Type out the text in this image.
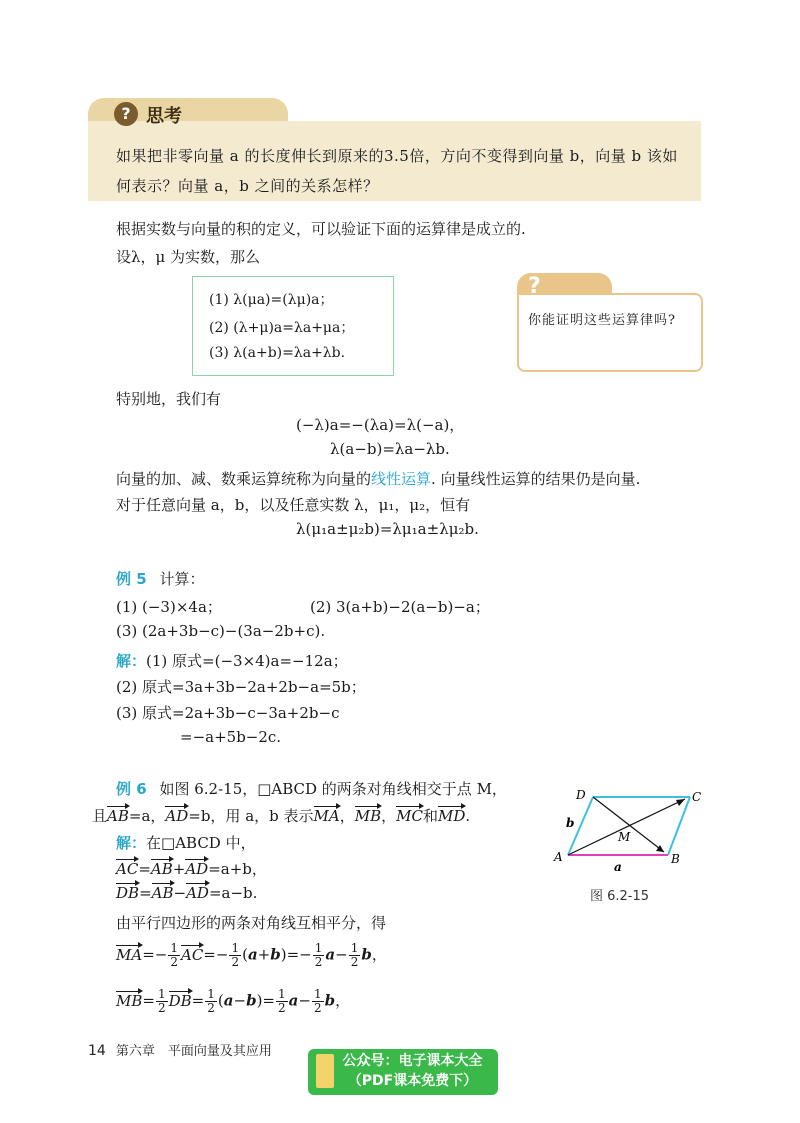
? 思考
如果把非零向量 a 的长度伸长到原来的3.5倍，方向不变得到向量 b，向量 b 该如何表示？向量 a，b 之间的关系怎样？
根据实数与向量的积的定义，可以验证下面的运算律是成立的.
设λ，μ 为实数，那么
(1) λ(μa)=(λμ)a；
(2) (λ+μ)a=λa+μa；
(3) λ(a+b)=λa+λb.
?
你能证明这些运算律吗?
特别地，我们有
(−λ)a=−(λa)=λ(−a)，
λ(a−b)=λa−λb.
向量的加、减、数乘运算统称为向量的线性运算. 向量线性运算的结果仍是向量.
对于任意向量 a，b，以及任意实数 λ，μ₁，μ₂，恒有
λ(μ₁a±μ₂b)=λμ₁a±λμ₂b.
例 5 计算：
(1) (−3)×4a；	(2) 3(a+b)−2(a−b)−a；
(3) (2a+3b−c)−(3a−2b+c).
解：(1) 原式=(−3×4)a=−12a；
(2) 原式=3a+3b−2a+2b−a=5b；
(3) 原式=2a+3b−c−3a+2b−c
=−a+5b−2c.
例 6 如图 6.2-15，□ABCD 的两条对角线相交于点 M，
且AB=a，AD=b，用 a，b 表示MA，MB，MC和MD.
解：在□ABCD 中，
AC=AB+AD=a+b，
DB=AB−AD=a−b.
由平行四边形的两条对角线互相平分，得
$MA=- \frac{1}{2} AC=- \frac{1}{2} (a+b)=- \frac{1}{2} a- \frac{1}{2}$ b，
$MB= \frac{1}{2} DB= \frac{1}{2} (a-b)= \frac{1}{2} a- \frac{1}{2}$ b，
D	C
A	B
M
a
b
图 6.2-15
14 第六章　平面向量及其应用
公众号：电子课本大全
（PDF课本免费下）
